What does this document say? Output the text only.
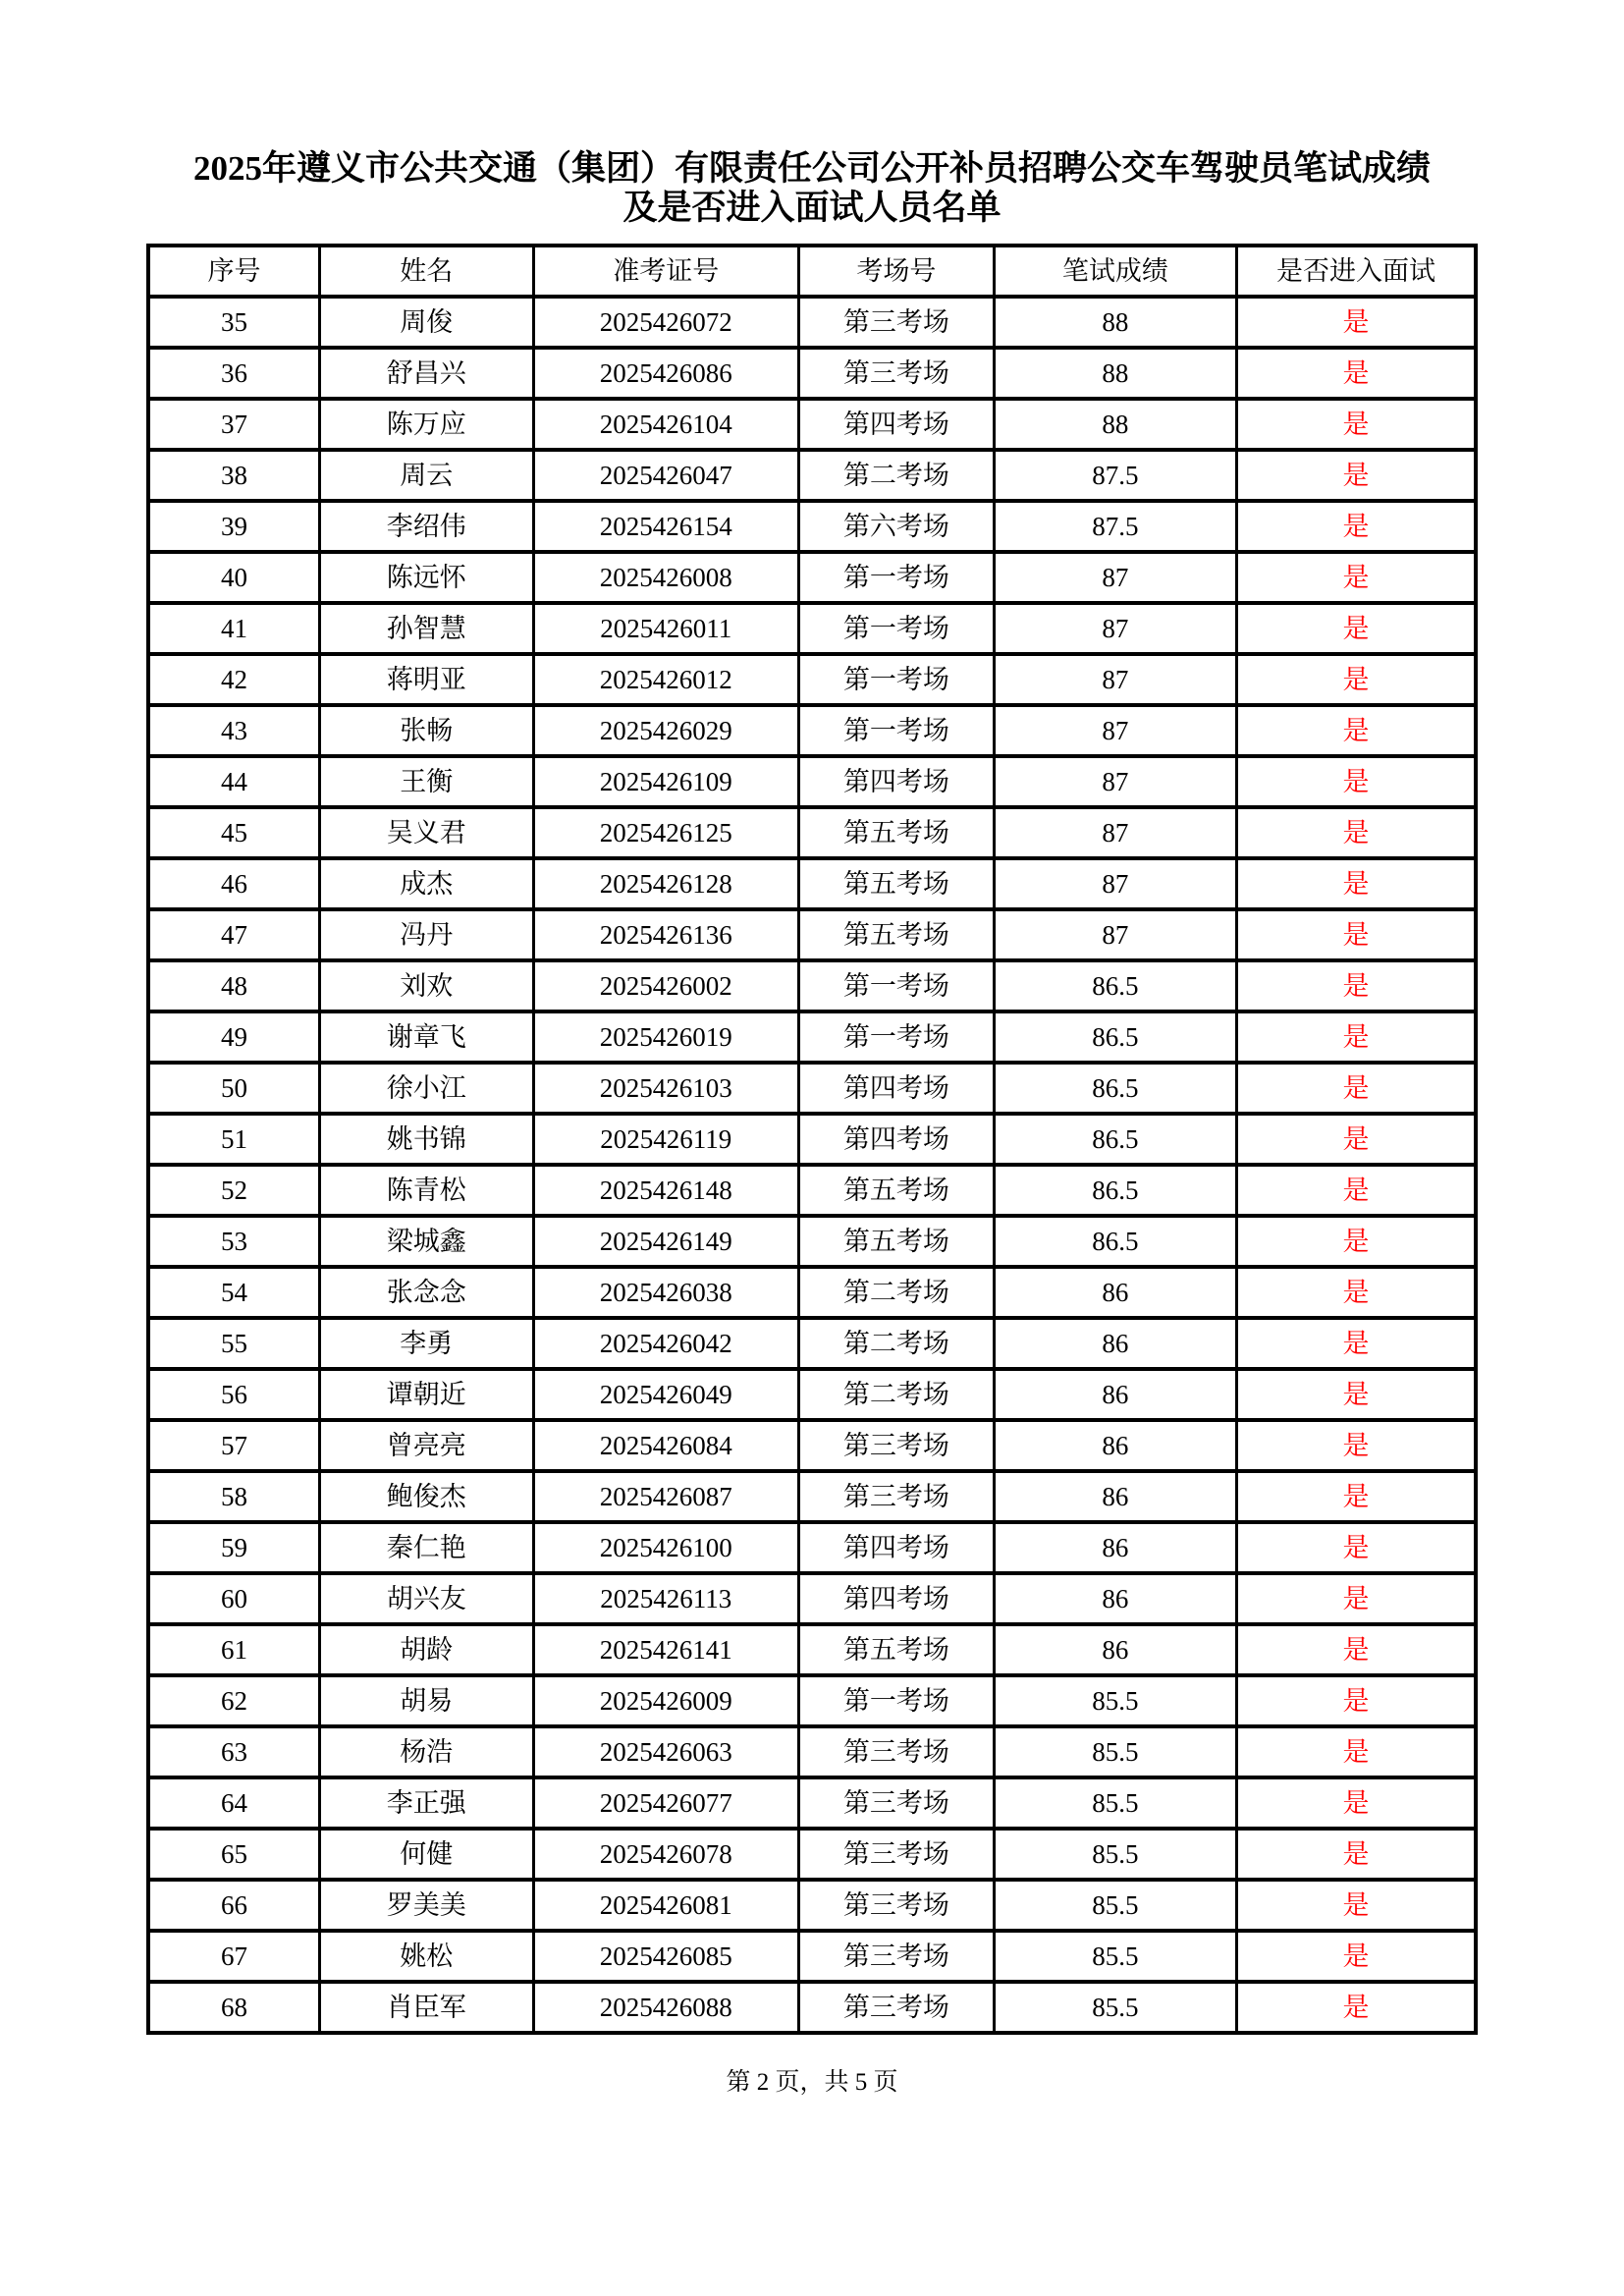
2025年遵义市公共交通（集团）有限责任公司公开补员招聘公交车驾驶员笔试成绩
及是否进入面试人员名单
序号	姓名	准考证号	考场号	笔试成绩	是否进入面试
35	周俊	2025426072	第三考场	88	是
36	舒昌兴	2025426086	第三考场	88	是
37	陈万应	2025426104	第四考场	88	是
38	周云	2025426047	第二考场	87.5	是
39	李绍伟	2025426154	第六考场	87.5	是
40	陈远怀	2025426008	第一考场	87	是
41	孙智慧	2025426011	第一考场	87	是
42	蒋明亚	2025426012	第一考场	87	是
43	张畅	2025426029	第一考场	87	是
44	王衡	2025426109	第四考场	87	是
45	吴义君	2025426125	第五考场	87	是
46	成杰	2025426128	第五考场	87	是
47	冯丹	2025426136	第五考场	87	是
48	刘欢	2025426002	第一考场	86.5	是
49	谢章飞	2025426019	第一考场	86.5	是
50	徐小江	2025426103	第四考场	86.5	是
51	姚书锦	2025426119	第四考场	86.5	是
52	陈青松	2025426148	第五考场	86.5	是
53	梁城鑫	2025426149	第五考场	86.5	是
54	张念念	2025426038	第二考场	86	是
55	李勇	2025426042	第二考场	86	是
56	谭朝近	2025426049	第二考场	86	是
57	曾亮亮	2025426084	第三考场	86	是
58	鲍俊杰	2025426087	第三考场	86	是
59	秦仁艳	2025426100	第四考场	86	是
60	胡兴友	2025426113	第四考场	86	是
61	胡龄	2025426141	第五考场	86	是
62	胡易	2025426009	第一考场	85.5	是
63	杨浩	2025426063	第三考场	85.5	是
64	李正强	2025426077	第三考场	85.5	是
65	何健	2025426078	第三考场	85.5	是
66	罗美美	2025426081	第三考场	85.5	是
67	姚松	2025426085	第三考场	85.5	是
68	肖臣军	2025426088	第三考场	85.5	是
第 2 页，共 5 页
